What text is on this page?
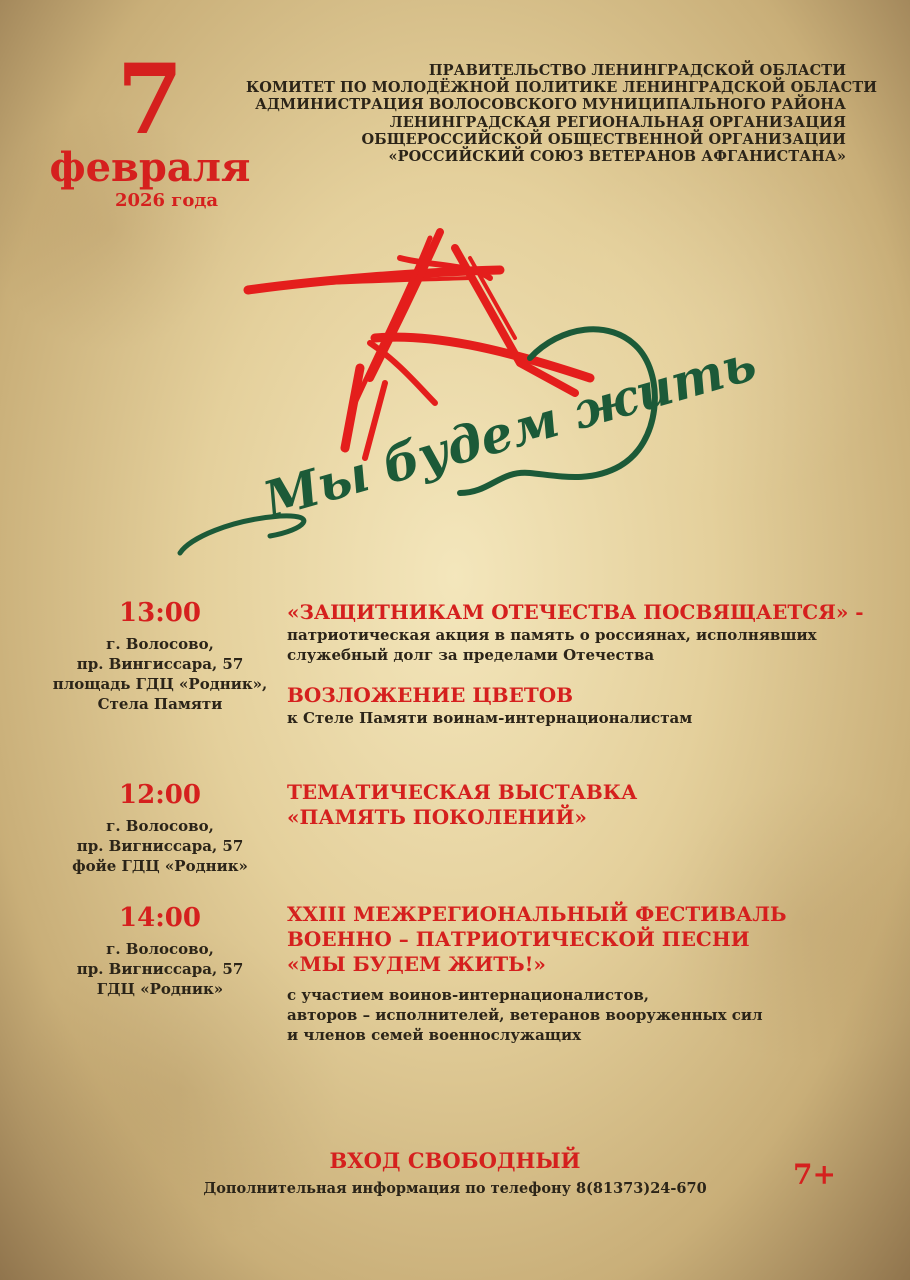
7
февраля
2026 года
ПРАВИТЕЛЬСТВО ЛЕНИНГРАДСКОЙ ОБЛАСТИ
КОМИТЕТ ПО МОЛОДЁЖНОЙ ПОЛИТИКЕ ЛЕНИНГРАДСКОЙ ОБЛАСТИ
АДМИНИСТРАЦИЯ ВОЛОСОВСКОГО МУНИЦИПАЛЬНОГО РАЙОНА
ЛЕНИНГРАДСКАЯ РЕГИОНАЛЬНАЯ ОРГАНИЗАЦИЯ
ОБЩЕРОССИЙСКОЙ ОБЩЕСТВЕННОЙ ОРГАНИЗАЦИИ
«РОССИЙСКИЙ СОЮЗ ВЕТЕРАНОВ АФГАНИСТАНА»
Мы будем жить
13:00
г. Волосово,
пр. Вингиссара, 57
площадь ГДЦ «Родник»,
Стела Памяти
«ЗАЩИТНИКАМ ОТЕЧЕСТВА ПОСВЯЩАЕТСЯ» -
патриотическая акция в память о россиянах, исполнявших
служебный долг за пределами Отечества
ВОЗЛОЖЕНИЕ ЦВЕТОВ
к Стеле Памяти воинам-интернационалистам
12:00
г. Волосово,
пр. Вигниссара, 57
фойе ГДЦ «Родник»
ТЕМАТИЧЕСКАЯ ВЫСТАВКА
«ПАМЯТЬ ПОКОЛЕНИЙ»
14:00
г. Волосово,
пр. Вигниссара, 57
ГДЦ «Родник»
XXIII МЕЖРЕГИОНАЛЬНЫЙ ФЕСТИВАЛЬ
ВОЕННО – ПАТРИОТИЧЕСКОЙ ПЕСНИ
«МЫ БУДЕМ ЖИТЬ!»
с участием воинов-интернационалистов,
авторов – исполнителей, ветеранов вооруженных сил
и членов семей военнослужащих
ВХОД СВОБОДНЫЙ
Дополнительная информация по телефону 8(81373)24-670	7+
